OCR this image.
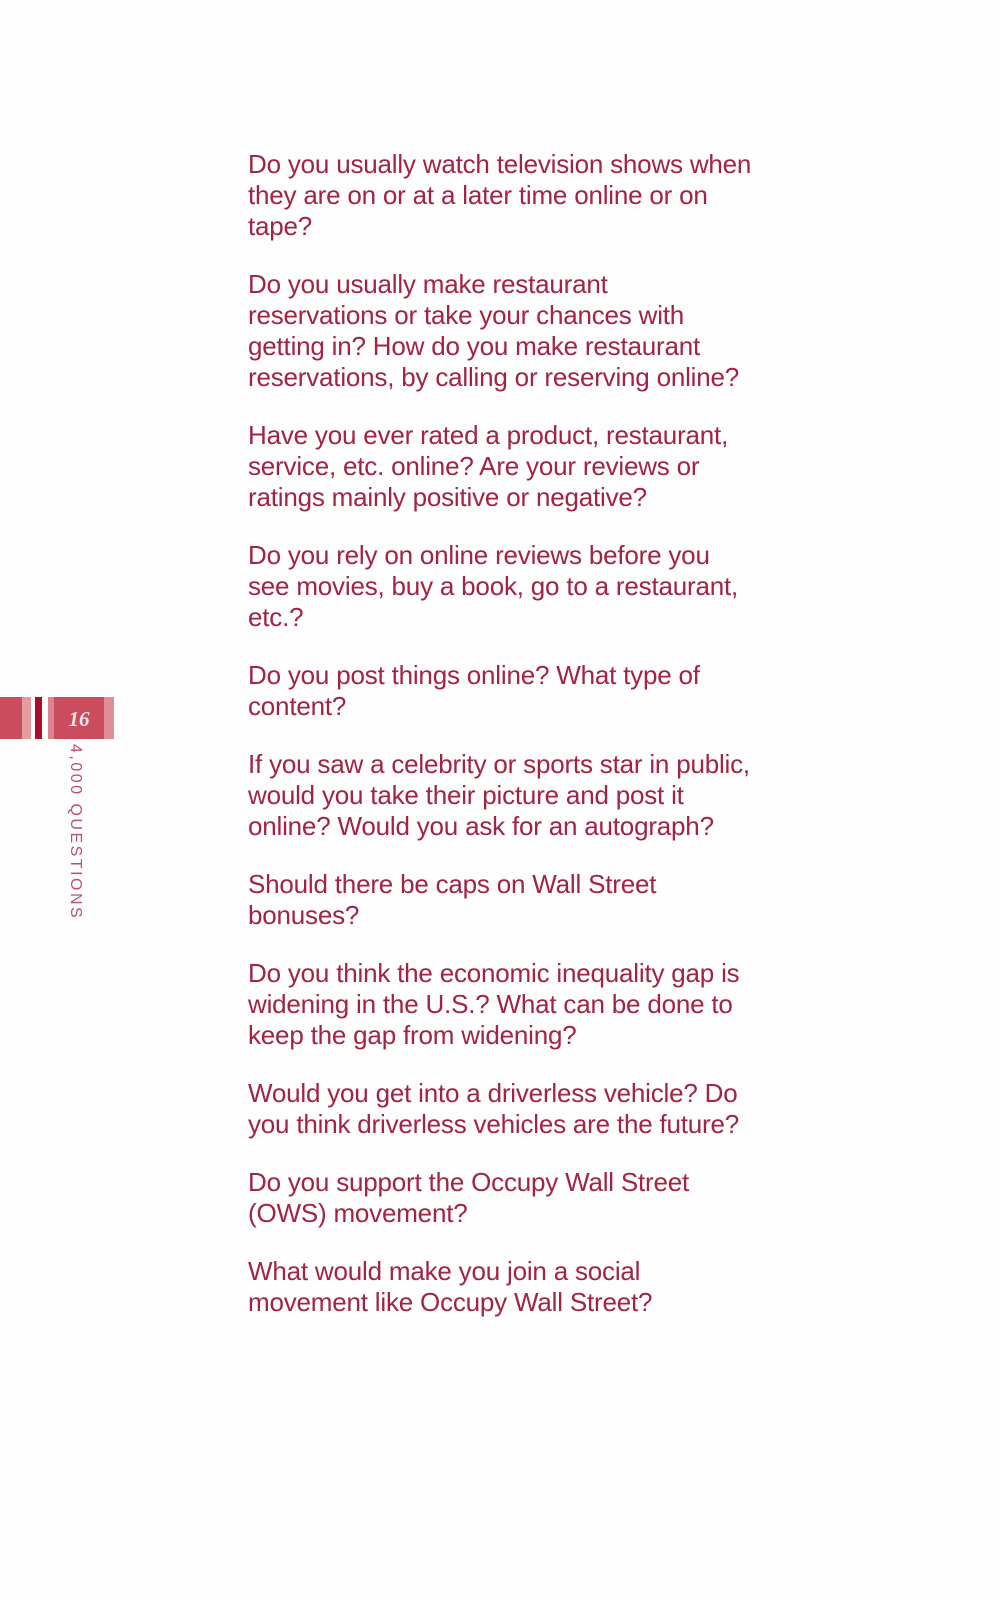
16
4,000 QUESTIONS

Do you usually watch television shows when they are on or at a later time online or on tape?

Do you usually make restaurant reservations or take your chances with getting in? How do you make restaurant reservations, by calling or reserving online?

Have you ever rated a product, restaurant, service, etc. online? Are your reviews or ratings mainly positive or negative?

Do you rely on online reviews before you see movies, buy a book, go to a restaurant, etc.?

Do you post things online? What type of content?

If you saw a celebrity or sports star in public, would you take their picture and post it online? Would you ask for an autograph?

Should there be caps on Wall Street bonuses?

Do you think the economic inequality gap is widening in the U.S.? What can be done to keep the gap from widening?

Would you get into a driverless vehicle? Do you think driverless vehicles are the future?

Do you support the Occupy Wall Street (OWS) movement?

What would make you join a social movement like Occupy Wall Street?
